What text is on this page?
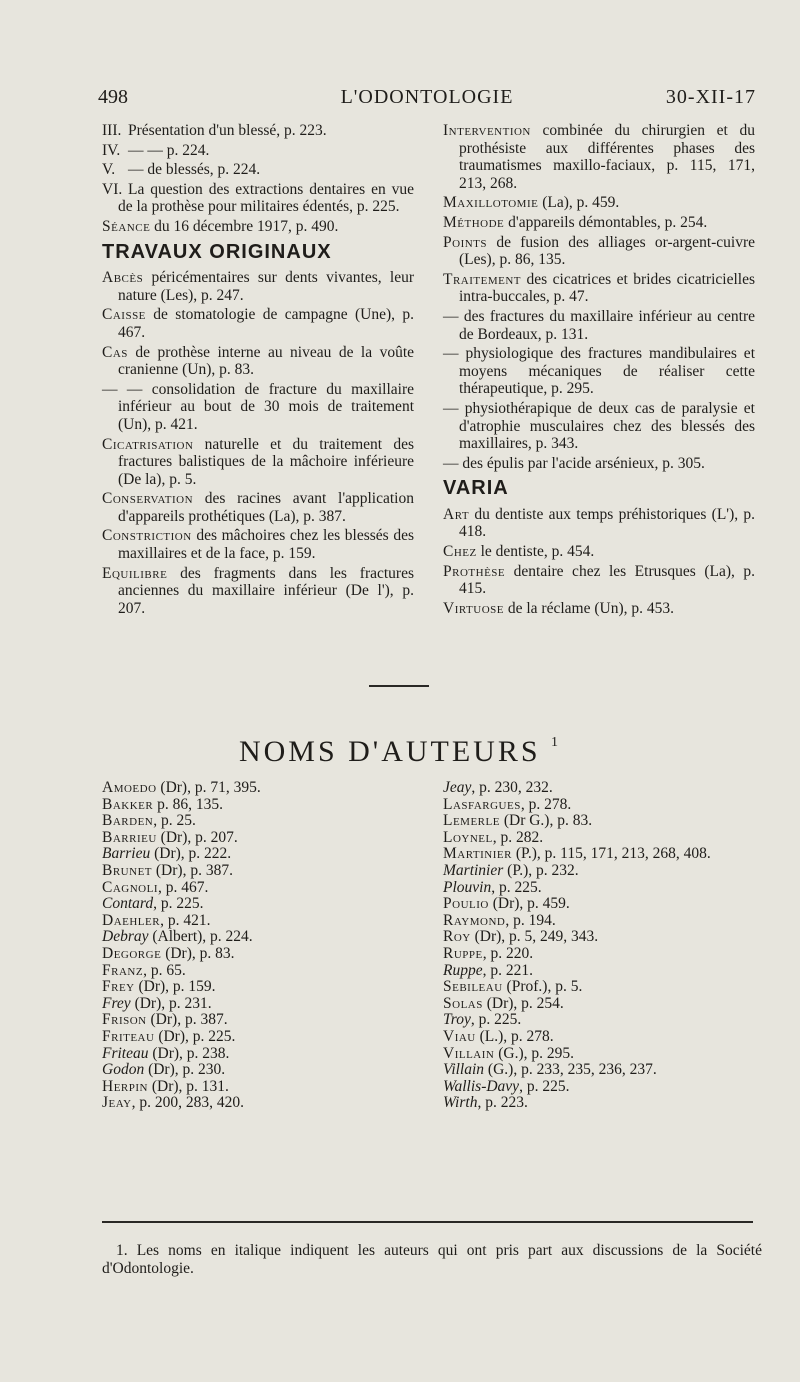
498	L'ODONTOLOGIE	30-XII-17
III. Présentation d'un blessé, p. 223.
IV. — — p. 224.
V. — de blessés, p. 224.
VI. La question des extractions dentaires en vue de la prothèse pour militaires édentés, p. 225.
Séance du 16 décembre 1917, p. 490.
TRAVAUX ORIGINAUX
Abcès péricémentaires sur dents vivantes, leur nature (Les), p. 247.
Caisse de stomatologie de campagne (Une), p. 467.
Cas de prothèse interne au niveau de la voûte cranienne (Un), p. 83.
— — consolidation de fracture du maxillaire inférieur au bout de 30 mois de traitement (Un), p. 421.
Cicatrisation naturelle et du traitement des fractures balistiques de la mâchoire inférieure (De la), p. 5.
Conservation des racines avant l'application d'appareils prothétiques (La), p. 387.
Constriction des mâchoires chez les blessés des maxillaires et de la face, p. 159.
Equilibre des fragments dans les fractures anciennes du maxillaire inférieur (De l'), p. 207.
Intervention combinée du chirurgien et du prothésiste aux différentes phases des traumatismes maxillo-faciaux, p. 115, 171, 213, 268.
Maxillotomie (La), p. 459.
Méthode d'appareils démontables, p. 254.
Points de fusion des alliages or-argent-cuivre (Les), p. 86, 135.
Traitement des cicatrices et brides cicatricielles intra-buccales, p. 47.
— des fractures du maxillaire inférieur au centre de Bordeaux, p. 131.
— physiologique des fractures mandibulaires et moyens mécaniques de réaliser cette thérapeutique, p. 295.
— physiothérapique de deux cas de paralysie et d'atrophie musculaires chez des blessés des maxillaires, p. 343.
— des épulis par l'acide arsénieux, p. 305.
VARIA
Art du dentiste aux temps préhistoriques (L'), p. 418.
Chez le dentiste, p. 454.
Prothèse dentaire chez les Etrusques (La), p. 415.
Virtuose de la réclame (Un), p. 453.
NOMS D'AUTEURS $^1$
Amoedo (Dr), p. 71, 395.
Bakker p. 86, 135.
Barden, p. 25.
Barrieu (Dr), p. 207.
Barrieu (Dr), p. 222.
Brunet (Dr), p. 387.
Cagnoli, p. 467.
Contard, p. 225.
Daehler, p. 421.
Debray (Albert), p. 224.
Degorge (Dr), p. 83.
Franz, p. 65.
Frey (Dr), p. 159.
Frey (Dr), p. 231.
Frison (Dr), p. 387.
Friteau (Dr), p. 225.
Friteau (Dr), p. 238.
Godon (Dr), p. 230.
Herpin (Dr), p. 131.
Jeay, p. 200, 283, 420.
Jeay, p. 230, 232.
Lasfargues, p. 278.
Lemerle (Dr G.), p. 83.
Loynel, p. 282.
Martinier (P.), p. 115, 171, 213, 268, 408.
Martinier (P.), p. 232.
Plouvin, p. 225.
Poulio (Dr), p. 459.
Raymond, p. 194.
Roy (Dr), p. 5, 249, 343.
Ruppe, p. 220.
Ruppe, p. 221.
Sebileau (Prof.), p. 5.
Solas (Dr), p. 254.
Troy, p. 225.
Viau (L.), p. 278.
Villain (G.), p. 295.
Villain (G.), p. 233, 235, 236, 237.
Wallis-Davy, p. 225.
Wirth, p. 223.
1. Les noms en italique indiquent les auteurs qui ont pris part aux discussions de la Société d'Odontologie.
